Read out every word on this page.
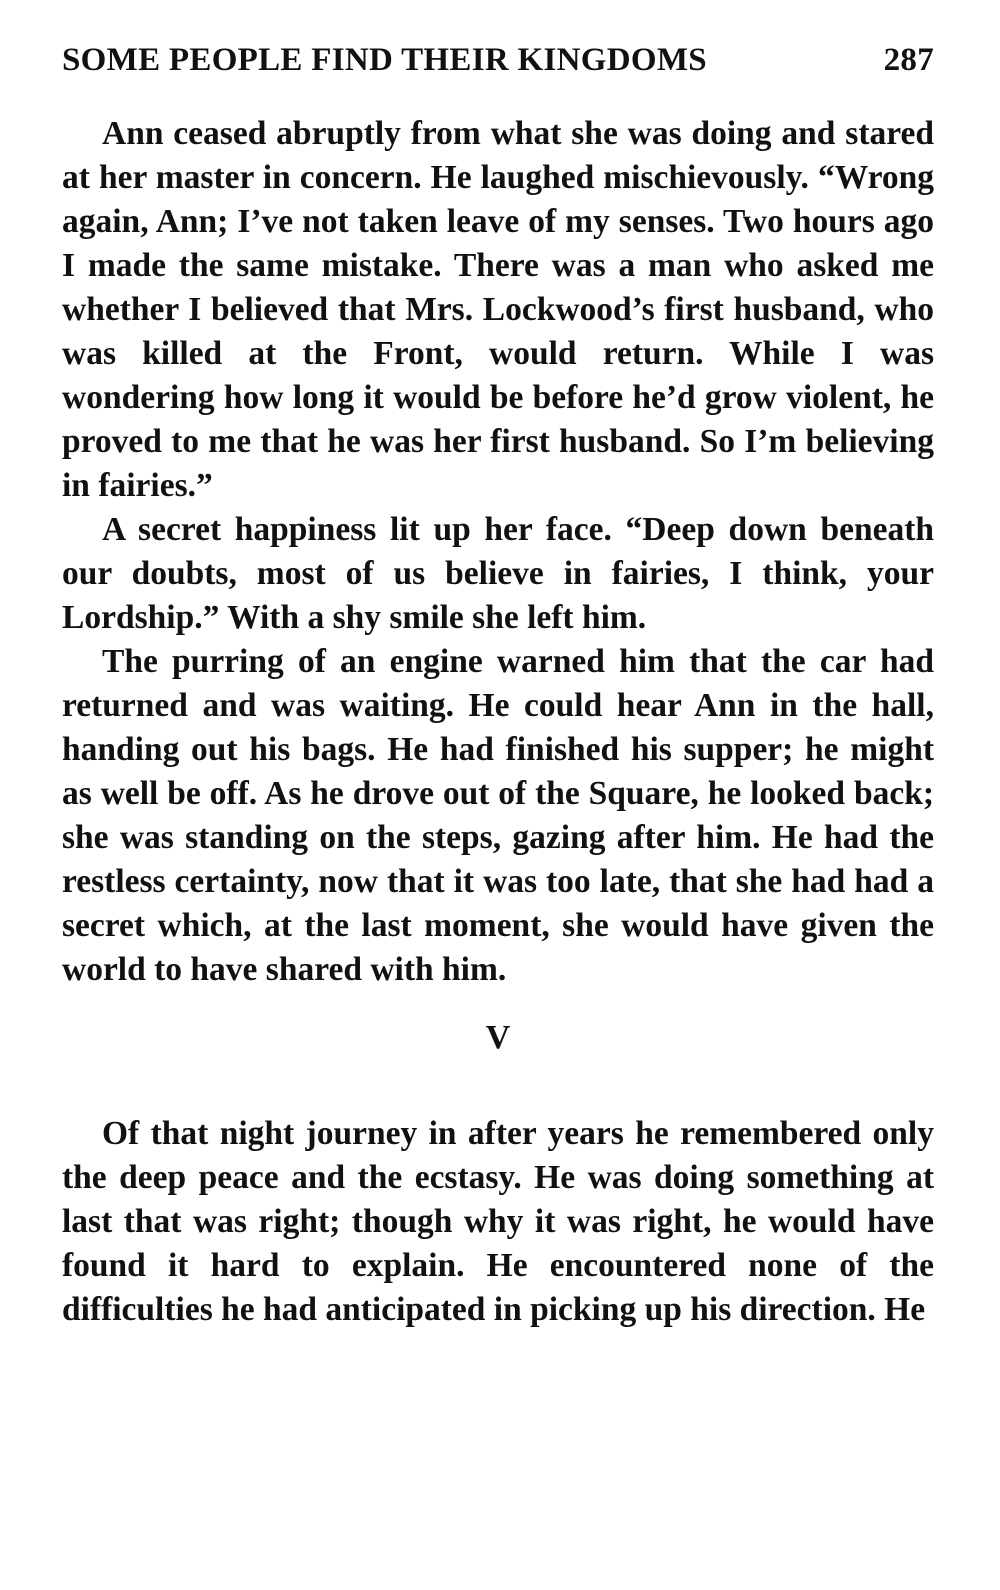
SOME PEOPLE FIND THEIR KINGDOMS	287

Ann ceased abruptly from what she was doing and stared at her master in concern. He laughed mischievously. “Wrong again, Ann; I’ve not taken leave of my senses. Two hours ago I made the same mistake. There was a man who asked me whether I believed that Mrs. Lockwood’s first husband, who was killed at the Front, would return. While I was wondering how long it would be before he’d grow violent, he proved to me that he was her first husband. So I’m believing in fairies.”

A secret happiness lit up her face. “Deep down beneath our doubts, most of us believe in fairies, I think, your Lordship.” With a shy smile she left him.

The purring of an engine warned him that the car had returned and was waiting. He could hear Ann in the hall, handing out his bags. He had finished his supper; he might as well be off. As he drove out of the Square, he looked back; she was standing on the steps, gazing after him. He had the restless certainty, now that it was too late, that she had had a secret which, at the last moment, she would have given the world to have shared with him.

V

Of that night journey in after years he remembered only the deep peace and the ecstasy. He was doing something at last that was right; though why it was right, he would have found it hard to explain. He encountered none of the difficulties he had anticipated in picking up his direction. He
